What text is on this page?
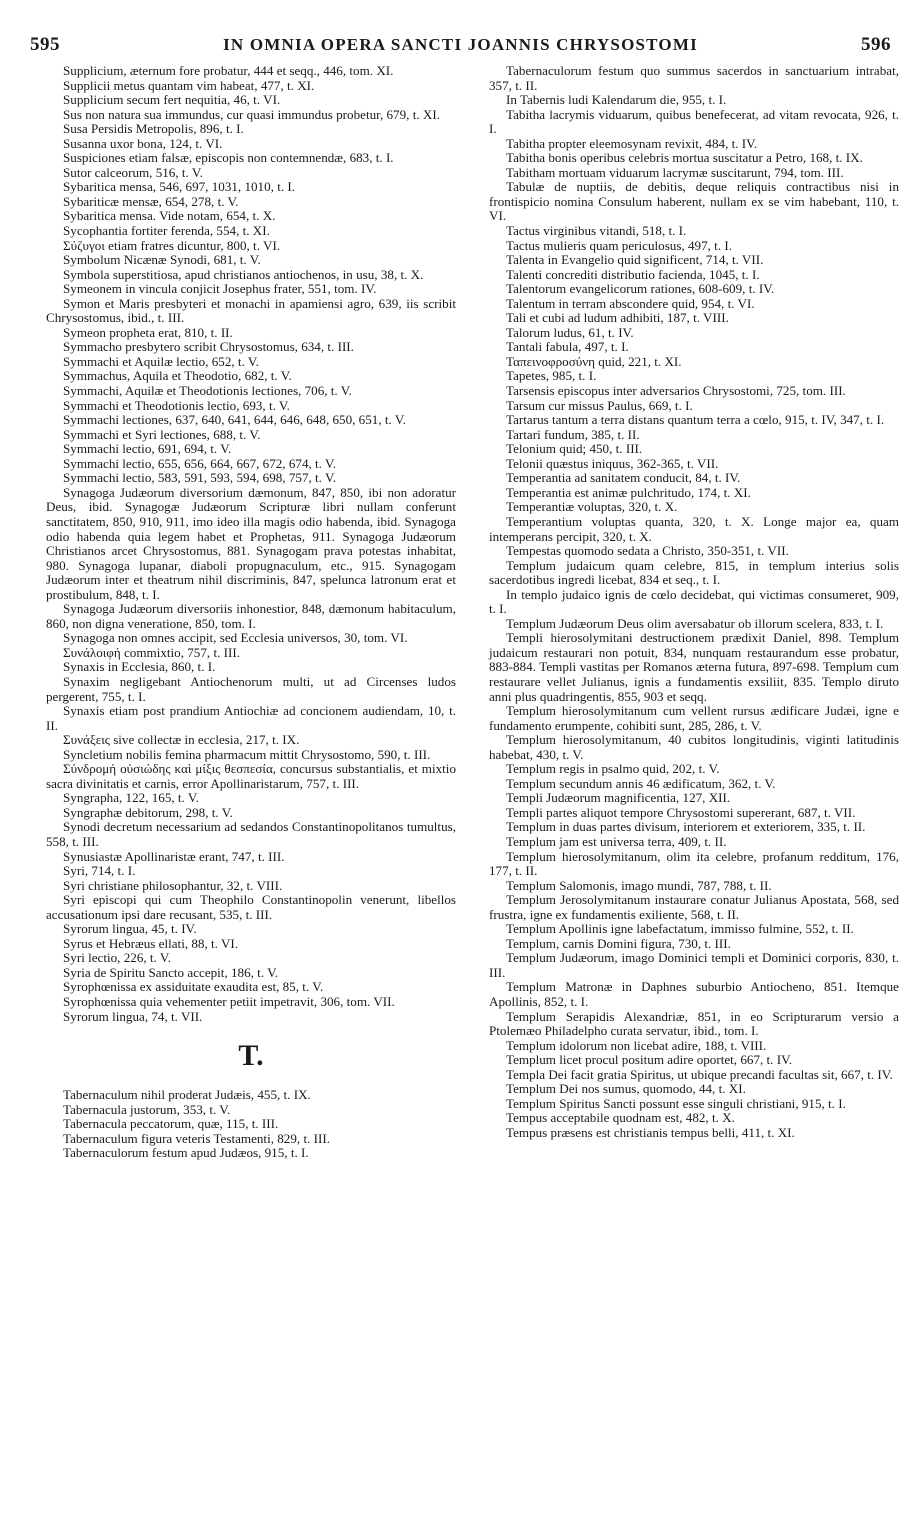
595	IN OMNIA OPERA SANCTI JOANNIS CHRYSOSTOMI	596

Supplicium, æternum fore probatur, 444 et seqq., 446, tom. XI.

Supplicii metus quantam vim habeat, 477, t. XI.

Supplicium secum fert nequitia, 46, t. VI.

Sus non natura sua immundus, cur quasi immundus probetur, 679, t. XI.

Susa Persidis Metropolis, 896, t. I.

Susanna uxor bona, 124, t. VI.

Suspiciones etiam falsæ, episcopis non contemnendæ, 683, t. I.

Sutor calceorum, 516, t. V.

Sybaritica mensa, 546, 697, 1031, 1010, t. I.

Sybariticæ mensæ, 654, 278, t. V.

Sybaritica mensa. Vide notam, 654, t. X.

Sycophantia fortiter ferenda, 554, t. XI.

Σύζυγοι etiam fratres dicuntur, 800, t. VI.

Symbolum Nicænæ Synodi, 681, t. V.

Symbola superstitiosa, apud christianos antiochenos, in usu, 38, t. X.

Symeonem in vincula conjicit Josephus frater, 551, tom. IV.

Symon et Maris presbyteri et monachi in apamiensi agro, 639, iis scribit Chrysostomus, ibid., t. III.

Symeon propheta erat, 810, t. II.

Symmacho presbytero scribit Chrysostomus, 634, t. III.

Symmachi et Aquilæ lectio, 652, t. V.

Symmachus, Aquila et Theodotio, 682, t. V.

Symmachi, Aquilæ et Theodotionis lectiones, 706, t. V.

Symmachi et Theodotionis lectio, 693, t. V.

Symmachi lectiones, 637, 640, 641, 644, 646, 648, 650, 651, t. V.

Symmachi et Syri lectiones, 688, t. V.

Symmachi lectio, 691, 694, t. V.

Symmachi lectio, 655, 656, 664, 667, 672, 674, t. V.

Symmachi lectio, 583, 591, 593, 594, 698, 757, t. V.

Synagoga Judæorum diversorium dæmonum, 847, 850, ibi non adoratur Deus, ibid. Synagogæ Judæorum Scripturæ libri nullam conferunt sanctitatem, 850, 910, 911, imo ideo illa magis odio habenda, ibid. Synagoga odio habenda quia legem habet et Prophetas, 911. Synagoga Judæorum Christianos arcet Chrysostomus, 881. Synagogam prava potestas inhabitat, 980. Synagoga lupanar, diaboli propugnaculum, etc., 915. Synagogam Judæorum inter et theatrum nihil discriminis, 847, spelunca latronum erat et prostibulum, 848, t. I.

Synagoga Judæorum diversoriis inhonestior, 848, dæmonum habitaculum, 860, non digna veneratione, 850, tom. I.

Synagoga non omnes accipit, sed Ecclesia universos, 30, tom. VI.

Συνάλοιφή commixtio, 757, t. III.

Synaxis in Ecclesia, 860, t. I.

Synaxim negligebant Antiochenorum multi, ut ad Circenses ludos pergerent, 755, t. I.

Synaxis etiam post prandium Antiochiæ ad concionem audiendam, 10, t. II.

Συνάξεις sive collectæ in ecclesia, 217, t. IX.

Syncletium nobilis femina pharmacum mittit Chrysostomo, 590, t. III.

Σύνδρομή οὐσιώδης καὶ μίξις θεσπεσία, concursus substantialis, et mixtio sacra divinitatis et carnis, error Apollinaristarum, 757, t. III.

Syngrapha, 122, 165, t. V.

Syngraphæ debitorum, 298, t. V.

Synodi decretum necessarium ad sedandos Constantinopolitanos tumultus, 558, t. III.

Synusiastæ Apollinaristæ erant, 747, t. III.

Syri, 714, t. I.

Syri christiane philosophantur, 32, t. VIII.

Syri episcopi qui cum Theophilo Constantinopolin venerunt, libellos accusationum ipsi dare recusant, 535, t. III.

Syrorum lingua, 45, t. IV.

Syrus et Hebræus ellati, 88, t. VI.

Syri lectio, 226, t. V.

Syria de Spiritu Sancto accepit, 186, t. V.

Syrophœnissa ex assiduitate exaudita est, 85, t. V.

Syrophœnissa quia vehementer petiit impetravit, 306, tom. VII.

Syrorum lingua, 74, t. VII.

T.

Tabernaculum nihil proderat Judæis, 455, t. IX.

Tabernacula justorum, 353, t. V.

Tabernacula peccatorum, quæ, 115, t. III.

Tabernaculum figura veteris Testamenti, 829, t. III.

Tabernaculorum festum apud Judæos, 915, t. I.

Tabernaculorum festum quo summus sacerdos in sanctuarium intrabat, 357, t. II.

In Tabernis ludi Kalendarum die, 955, t. I.

Tabitha lacrymis viduarum, quibus benefecerat, ad vitam revocata, 926, t. I.

Tabitha propter eleemosynam revixit, 484, t. IV.

Tabitha bonis operibus celebris mortua suscitatur a Petro, 168, t. IX.

Tabitham mortuam viduarum lacrymæ suscitarunt, 794, tom. III.

Tabulæ de nuptiis, de debitis, deque reliquis contractibus nisi in frontispicio nomina Consulum haberent, nullam ex se vim habebant, 110, t. VI.

Tactus virginibus vitandi, 518, t. I.

Tactus mulieris quam periculosus, 497, t. I.

Talenta in Evangelio quid significent, 714, t. VII.

Talenti concrediti distributio facienda, 1045, t. I.

Talentorum evangelicorum rationes, 608-609, t. IV.

Talentum in terram abscondere quid, 954, t. VI.

Tali et cubi ad ludum adhibiti, 187, t. VIII.

Talorum ludus, 61, t. IV.

Tantali fabula, 497, t. I.

Ταπεινοφροσύνη quid, 221, t. XI.

Tapetes, 985, t. I.

Tarsensis episcopus inter adversarios Chrysostomi, 725, tom. III.

Tarsum cur missus Paulus, 669, t. I.

Tartarus tantum a terra distans quantum terra a cœlo, 915, t. IV, 347, t. I.

Tartari fundum, 385, t. II.

Telonium quid; 450, t. III.

Telonii quæstus iniquus, 362-365, t. VII.

Temperantia ad sanitatem conducit, 84, t. IV.

Temperantia est animæ pulchritudo, 174, t. XI.

Temperantiæ voluptas, 320, t. X.

Temperantium voluptas quanta, 320, t. X. Longe major ea, quam intemperans percipit, 320, t. X.

Tempestas quomodo sedata a Christo, 350-351, t. VII.

Templum judaicum quam celebre, 815, in templum interius solis sacerdotibus ingredi licebat, 834 et seq., t. I.

In templo judaico ignis de cœlo decidebat, qui victimas consumeret, 909, t. I.

Templum Judæorum Deus olim aversabatur ob illorum scelera, 833, t. I.

Templi hierosolymitani destructionem prædixit Daniel, 898. Templum judaicum restaurari non potuit, 834, nunquam restaurandum esse probatur, 883-884. Templi vastitas per Romanos æterna futura, 897-698. Templum cum restaurare vellet Julianus, ignis a fundamentis exsiliit, 835. Templo diruto anni plus quadringentis, 855, 903 et seqq.

Templum hierosolymitanum cum vellent rursus ædificare Judæi, igne e fundamento erumpente, cohibiti sunt, 285, 286, t. V.

Templum hierosolymitanum, 40 cubitos longitudinis, viginti latitudinis habebat, 430, t. V.

Templum regis in psalmo quid, 202, t. V.

Templum secundum annis 46 ædificatum, 362, t. V.

Templi Judæorum magnificentia, 127, XII.

Templi partes aliquot tempore Chrysostomi supererant, 687, t. VII.

Templum in duas partes divisum, interiorem et exteriorem, 335, t. II.

Templum jam est universa terra, 409, t. II.

Templum hierosolymitanum, olim ita celebre, profanum redditum, 176, 177, t. II.

Templum Salomonis, imago mundi, 787, 788, t. II.

Templum Jerosolymitanum instaurare conatur Julianus Apostata, 568, sed frustra, igne ex fundamentis exiliente, 568, t. II.

Templum Apollinis igne labefactatum, immisso fulmine, 552, t. II.

Templum, carnis Domini figura, 730, t. III.

Templum Judæorum, imago Dominici templi et Dominici corporis, 830, t. III.

Templum Matronæ in Daphnes suburbio Antiocheno, 851. Itemque Apollinis, 852, t. I.

Templum Serapidis Alexandriæ, 851, in eo Scripturarum versio a Ptolemæo Philadelpho curata servatur, ibid., tom. I.

Templum idolorum non licebat adire, 188, t. VIII.

Templum licet procul positum adire oportet, 667, t. IV.

Templa Dei facit gratia Spiritus, ut ubique precandi facultas sit, 667, t. IV.

Templum Dei nos sumus, quomodo, 44, t. XI.

Templum Spiritus Sancti possunt esse singuli christiani, 915, t. I.

Tempus acceptabile quodnam est, 482, t. X.

Tempus præsens est christianis tempus belli, 411, t. XI.
